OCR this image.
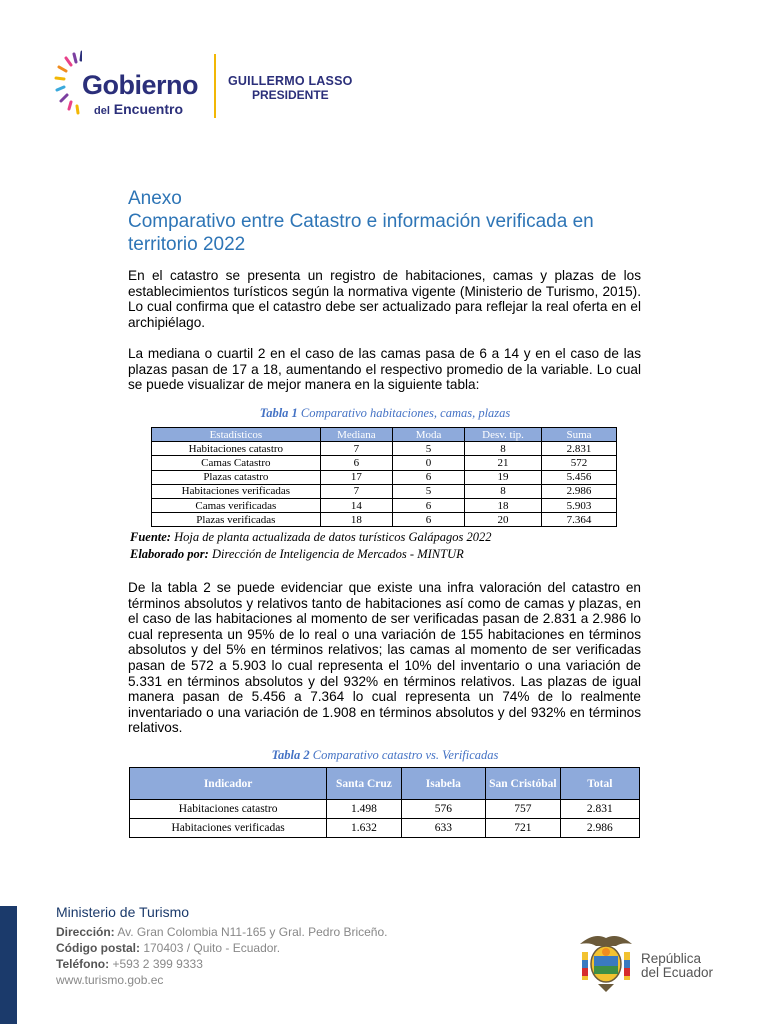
Gobierno
del Encuentro
GUILLERMO LASSO
PRESIDENTE
Anexo
Comparativo entre Catastro e información verificada en territorio 2022
En el catastro se presenta un registro de habitaciones, camas y plazas de los establecimientos turísticos según la normativa vigente (Ministerio de Turismo, 2015). Lo cual confirma que el catastro debe ser actualizado para reflejar la real oferta en el archipiélago.
La mediana o cuartil 2 en el caso de las camas pasa de 6 a 14 y en el caso de las plazas pasan de 17 a 18, aumentando el respectivo promedio de la variable. Lo cual se puede visualizar de mejor manera en la siguiente tabla:
Tabla 1 Comparativo habitaciones, camas, plazas
Estadísticos	Mediana	Moda	Desv. tip.	Suma
Habitaciones catastro	7	5	8	2.831
Camas Catastro	6	0	21	572
Plazas catastro	17	6	19	5.456
Habitaciones verificadas	7	5	8	2.986
Camas verificadas	14	6	18	5.903
Plazas verificadas	18	6	20	7.364
Fuente: Hoja de planta actualizada de datos turísticos Galápagos 2022
Elaborado por: Dirección de Inteligencia de Mercados - MINTUR
De la tabla 2 se puede evidenciar que existe una infra valoración del catastro en términos absolutos y relativos tanto de habitaciones así como de camas y plazas, en el caso de las habitaciones al momento de ser verificadas pasan de 2.831 a 2.986 lo cual representa un 95% de lo real o una variación de 155 habitaciones en términos absolutos y del 5% en términos relativos; las camas al momento de ser verificadas pasan de 572 a 5.903 lo cual representa el 10% del inventario o una variación de 5.331 en términos absolutos y del 932% en términos relativos. Las plazas de igual manera pasan de 5.456 a 7.364 lo cual representa un 74% de lo realmente inventariado o una variación de 1.908 en términos absolutos y del 932% en términos relativos.
Tabla 2 Comparativo catastro vs. Verificadas
Indicador	Santa Cruz	Isabela	San Cristóbal	Total
Habitaciones catastro	1.498	576	757	2.831
Habitaciones verificadas	1.632	633	721	2.986
Ministerio de Turismo
Dirección: Av. Gran Colombia N11-165 y Gral. Pedro Briceño.
Código postal: 170403 / Quito - Ecuador.
Teléfono: +593 2 399 9333
www.turismo.gob.ec
República
del Ecuador
